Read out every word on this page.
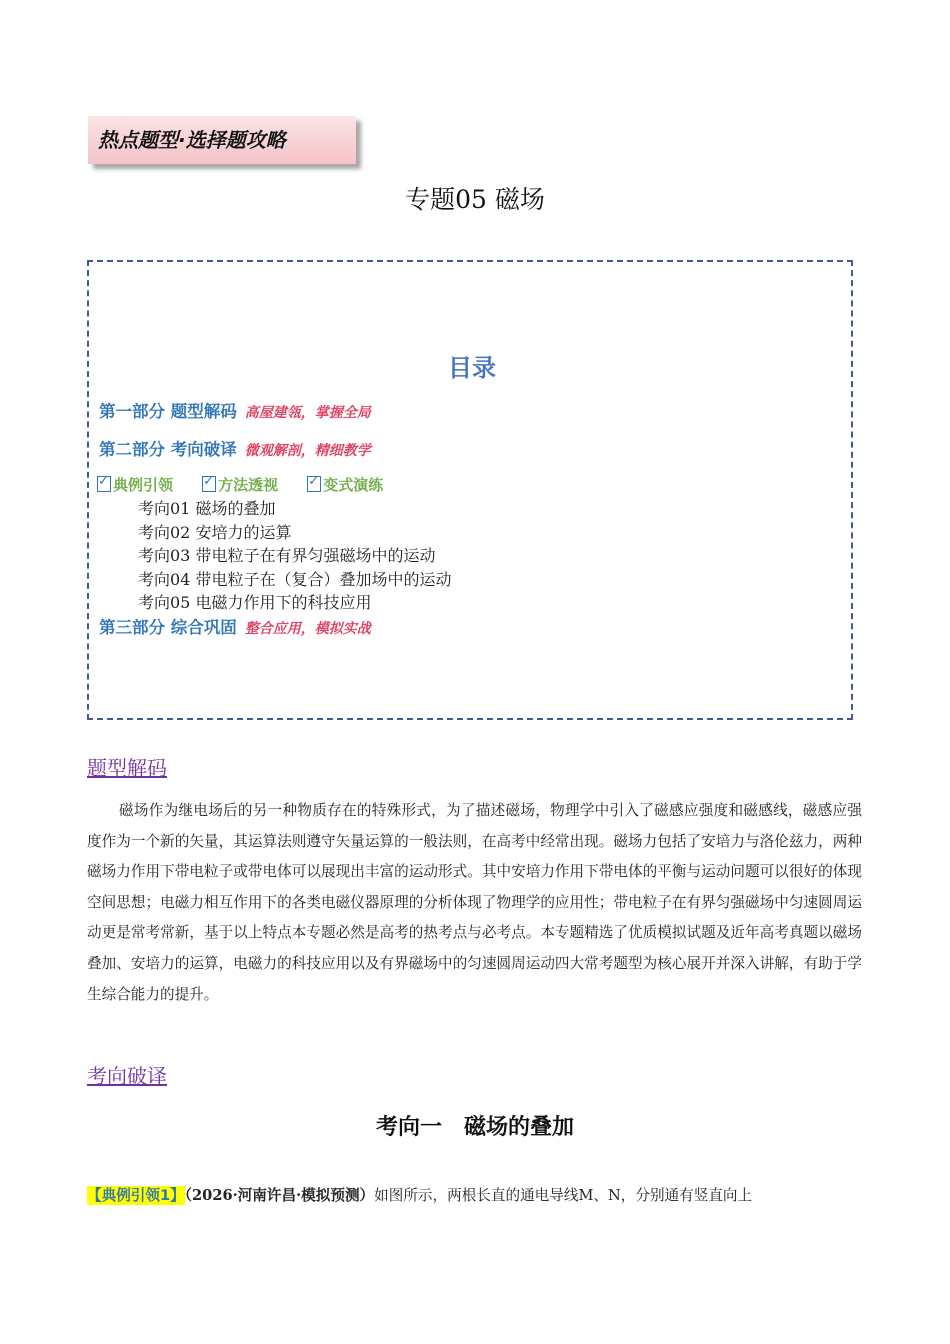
热点题型·选择题攻略
专题05 磁场
目录
第一部分 题型解码 高屋建瓴，掌握全局
第二部分 考向破译 微观解剖，精细教学
✓典例引领 ✓	方法透视 ✓	变式演练
考向01 磁场的叠加
考向02 安培力的运算
考向03 带电粒子在有界匀强磁场中的运动
考向04 带电粒子在（复合）叠加场中的运动
考向05 电磁力作用下的科技应用
第三部分 综合巩固 整合应用，模拟实战
题型解码

磁场作为继电场后的另一种物质存在的特殊形式，为了描述磁场，物理学中引入了磁感应强度和磁感线，磁感应强度作为一个新的矢量，其运算法则遵守矢量运算的一般法则，在高考中经常出现。磁场力包括了安培力与洛伦兹力，两种磁场力作用下带电粒子或带电体可以展现出丰富的运动形式。其中安培力作用下带电体的平衡与运动问题可以很好的体现空间思想；电磁力相互作用下的各类电磁仪器原理的分析体现了物理学的应用性；带电粒子在有界匀强磁场中匀速圆周运动更是常考常新，基于以上特点本专题必然是高考的热考点与必考点。本专题精选了优质模拟试题及近年高考真题以磁场叠加、安培力的运算，电磁力的科技应用以及有界磁场中的匀速圆周运动四大常考题型为核心展开并深入讲解，有助于学生综合能力的提升。

考向破译
考向一　磁场的叠加
【典例引领1】（2026·河南许昌·模拟预测）如图所示，两根长直的通电导线M、N，分别通有竖直向上
